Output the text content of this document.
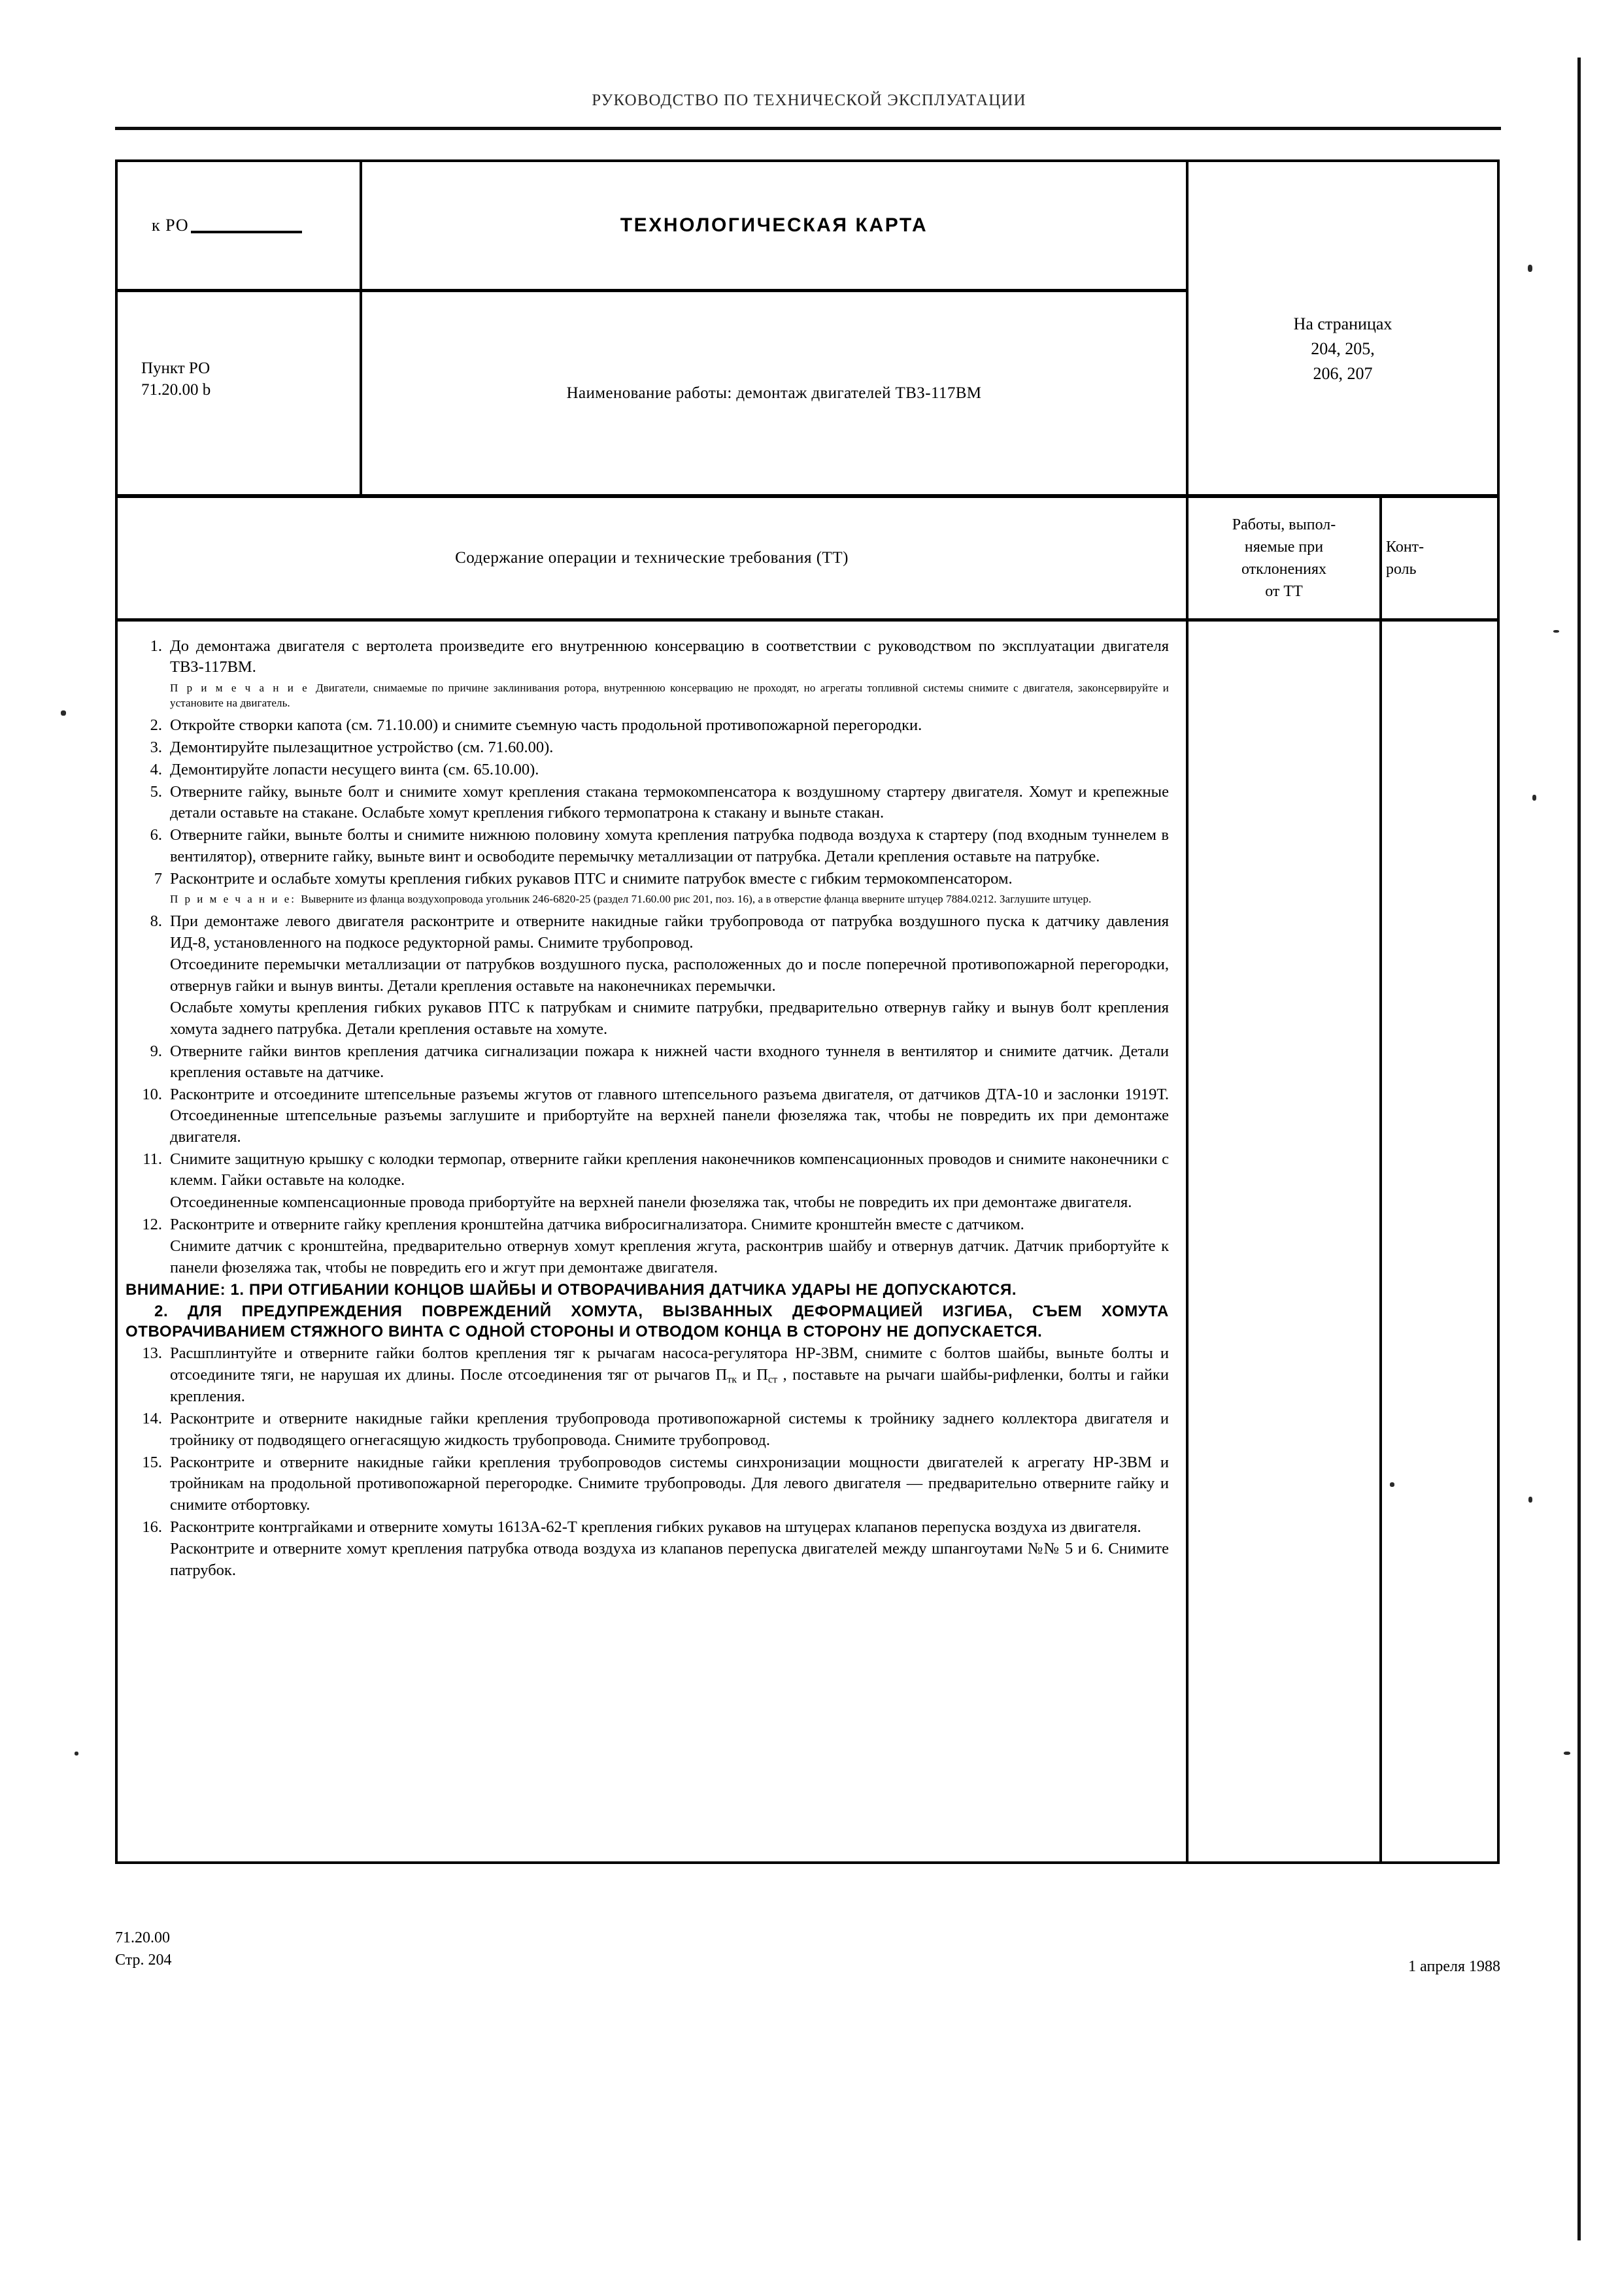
РУКОВОДСТВО ПО ТЕХНИЧЕСКОЙ ЭКСПЛУАТАЦИИ
к РО
Пункт РО
71.20.00 b
ТЕХНОЛОГИЧЕСКАЯ КАРТА
Наименование работы: демонтаж двигателей ТВЗ-117ВМ
На страницах
204, 205,
206, 207
Содержание операции и технические требования (ТТ)
Работы, выпол-
няемые при
отклонениях
от ТТ
Конт-
роль
1. До демонтажа двигателя с вертолета произведите его внутреннюю консервацию в соответствии с руководством по эксплуатации двигателя ТВЗ-117ВМ.

П р и м е ч а н и е Двигатели, снимаемые по причине заклинивания ротора, внутреннюю консервацию не проходят, но агрегаты топливной системы снимите с двигателя, законсервируйте и установите на двигатель.
2. Откройте створки капота (см. 71.10.00) и снимите съемную часть продольной противопожарной перегородки.

3. Демонтируйте пылезащитное устройство (см. 71.60.00).

4. Демонтируйте лопасти несущего винта (см. 65.10.00).

5. Отверните гайку, выньте болт и снимите хомут крепления стакана термокомпенсатора к воздушному стартеру двигателя. Хомут и крепежные детали оставьте на стакане. Ослабьте хомут крепления гибкого термопатрона к стакану и выньте стакан.

6. Отверните гайки, выньте болты и снимите нижнюю половину хомута крепления патрубка подвода воздуха к стартеру (под входным туннелем в вентилятор), отверните гайку, выньте винт и освободите перемычку металлизации от патрубка. Детали крепления оставьте на патрубке.

7 Расконтрите и ослабьте хомуты крепления гибких рукавов ПТС и снимите патрубок вместе с гибким термокомпенсатором.

П р и м е ч а н и е: Выверните из фланца воздухопровода угольник 246-6820-25 (раздел 71.60.00 рис 201, поз. 16), а в отверстие фланца вверните штуцер 7884.0212. Заглушите штуцер.
8. При демонтаже левого двигателя расконтрите и отверните накидные гайки трубопровода от патрубка воздушного пуска к датчику давления ИД-8, установленного на подкосе редукторной рамы. Снимите трубопровод.

Отсоедините перемычки металлизации от патрубков воздушного пуска, расположенных до и после поперечной противопожарной перегородки, отвернув гайки и вынув винты. Детали крепления оставьте на наконечниках перемычки.

Ослабьте хомуты крепления гибких рукавов ПТС к патрубкам и снимите патрубки, предварительно отвернув гайку и вынув болт крепления хомута заднего патрубка. Детали крепления оставьте на хомуте.

9. Отверните гайки винтов крепления датчика сигнализации пожара к нижней части входного туннеля в вентилятор и снимите датчик. Детали крепления оставьте на датчике.

10. Расконтрите и отсоедините штепсельные разъемы жгутов от главного штепсельного разъема двигателя, от датчиков ДТА-10 и заслонки 1919Т. Отсоединенные штепсельные разъемы заглушите и прибортуйте на верхней панели фюзеляжа так, чтобы не повредить их при демонтаже двигателя.

11. Снимите защитную крышку с колодки термопар, отверните гайки крепления наконечников компенсационных проводов и снимите наконечники с клемм. Гайки оставьте на колодке.

Отсоединенные компенсационные провода прибортуйте на верхней панели фюзеляжа так, чтобы не повредить их при демонтаже двигателя.

12. Расконтрите и отверните гайку крепления кронштейна датчика вибросигнализатора. Снимите кронштейн вместе с датчиком.

Снимите датчик с кронштейна, предварительно отвернув хомут крепления жгута, расконтрив шайбу и отвернув датчик. Датчик прибортуйте к панели фюзеляжа так, чтобы не повредить его и жгут при демонтаже двигателя.

ВНИМАНИЕ: 1. ПРИ ОТГИБАНИИ КОНЦОВ ШАЙБЫ И ОТВОРАЧИВАНИЯ ДАТЧИКА УДАРЫ НЕ ДОПУСКАЮТСЯ.
2. ДЛЯ ПРЕДУПРЕЖДЕНИЯ ПОВРЕЖДЕНИЙ ХОМУТА, ВЫЗВАННЫХ ДЕФОРМАЦИЕЙ ИЗГИБА, СЪЕМ ХОМУТА ОТВОРАЧИВАНИЕМ СТЯЖНОГО ВИНТА С ОДНОЙ СТОРОНЫ И ОТВОДОМ КОНЦА В СТОРОНУ НЕ ДОПУСКАЕТСЯ.
13. Расшплинтуйте и отверните гайки болтов крепления тяг к рычагам насоса-регулятора НР-3ВМ, снимите с болтов шайбы, выньте болты и отсоедините тяги, не нарушая их длины. После отсоединения тяг от рычагов $П_{тк}$ и $П_{ст}$ , поставьте на рычаги шайбы-рифленки, болты и гайки крепления.

14. Расконтрите и отверните накидные гайки крепления трубопровода противопожарной системы к тройнику заднего коллектора двигателя и тройнику от подводящего огнегасящую жидкость трубопровода. Снимите трубопровод.

15. Расконтрите и отверните накидные гайки крепления трубопроводов системы синхронизации мощности двигателей к агрегату НР-3ВМ и тройникам на продольной противопожарной перегородке. Снимите трубопроводы. Для левого двигателя — предварительно отверните гайку и снимите отбортовку.

16. Расконтрите контргайками и отверните хомуты 1613А-62-Т крепления гибких рукавов на штуцерах клапанов перепуска воздуха из двигателя.

Расконтрите и отверните хомут крепления патрубка отвода воздуха из клапанов перепуска двигателей между шпангоутами №№ 5 и 6. Снимите патрубок.

71.20.00
Стр. 204	1 апреля 1988
